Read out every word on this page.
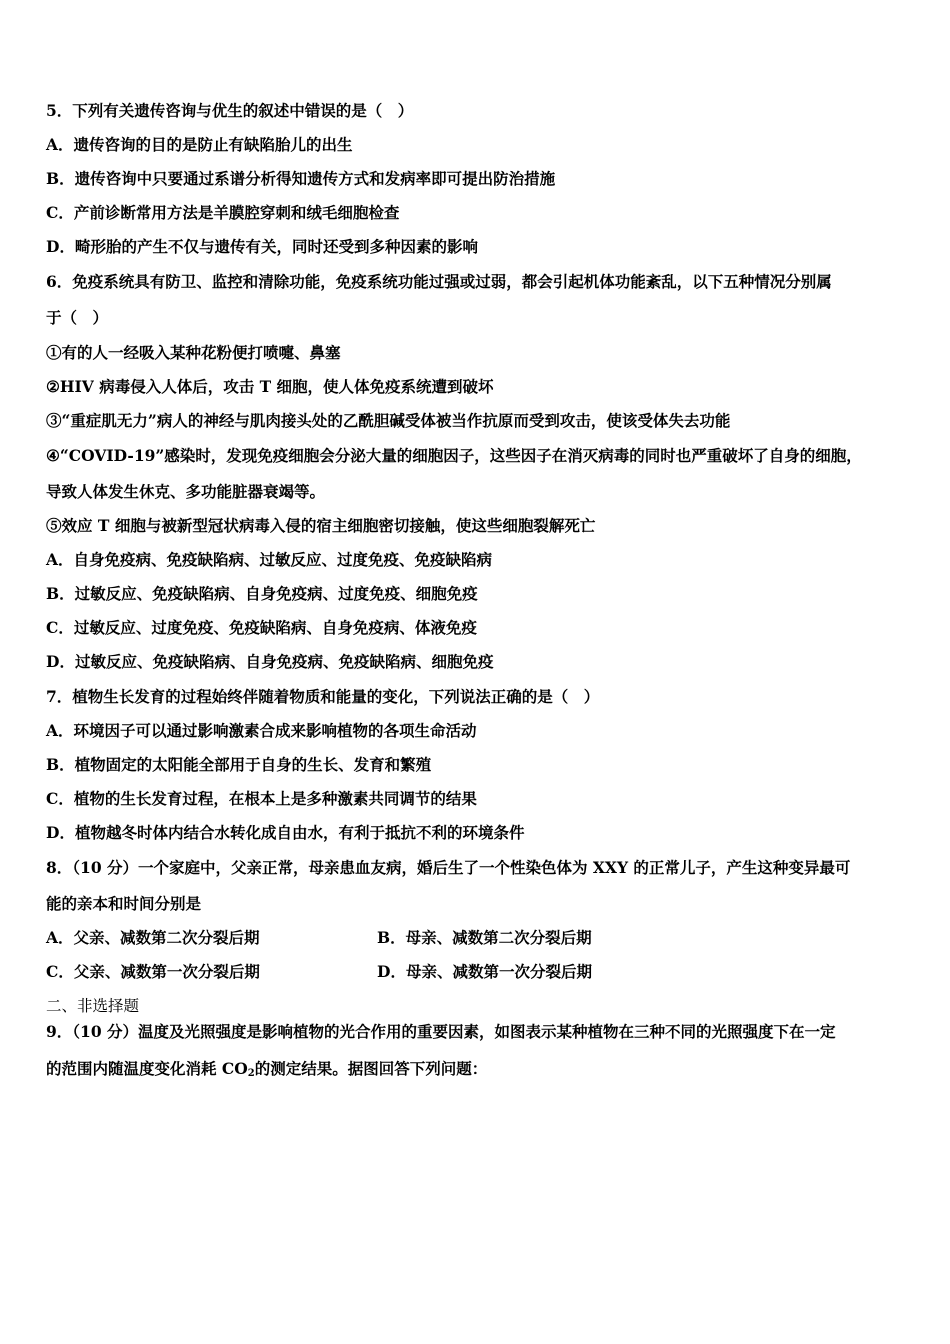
5．下列有关遗传咨询与优生的叙述中错误的是（　）
A．遗传咨询的目的是防止有缺陷胎儿的出生
B．遗传咨询中只要通过系谱分析得知遗传方式和发病率即可提出防治措施
C．产前诊断常用方法是羊膜腔穿刺和绒毛细胞检查
D．畸形胎的产生不仅与遗传有关，同时还受到多种因素的影响
6．免疫系统具有防卫、监控和清除功能，免疫系统功能过强或过弱，都会引起机体功能紊乱，以下五种情况分别属
于（　）
①有的人一经吸入某种花粉便打喷嚏、鼻塞
②HIV 病毒侵入人体后，攻击 T 细胞，使人体免疫系统遭到破坏
③“重症肌无力”病人的神经与肌肉接头处的乙酰胆碱受体被当作抗原而受到攻击，使该受体失去功能
④“COVID-19”感染时，发现免疫细胞会分泌大量的细胞因子，这些因子在消灭病毒的同时也严重破坏了自身的细胞，
导致人体发生休克、多功能脏器衰竭等。
⑤效应 T 细胞与被新型冠状病毒入侵的宿主细胞密切接触，使这些细胞裂解死亡
A．自身免疫病、免疫缺陷病、过敏反应、过度免疫、免疫缺陷病
B．过敏反应、免疫缺陷病、自身免疫病、过度免疫、细胞免疫
C．过敏反应、过度免疫、免疫缺陷病、自身免疫病、体液免疫
D．过敏反应、免疫缺陷病、自身免疫病、免疫缺陷病、细胞免疫
7．植物生长发育的过程始终伴随着物质和能量的变化，下列说法正确的是（　）
A．环境因子可以通过影响激素合成来影响植物的各项生命活动
B．植物固定的太阳能全部用于自身的生长、发育和繁殖
C．植物的生长发育过程，在根本上是多种激素共同调节的结果
D．植物越冬时体内结合水转化成自由水，有利于抵抗不利的环境条件
8．（10 分）一个家庭中，父亲正常，母亲患血友病，婚后生了一个性染色体为 XXY 的正常儿子，产生这种变异最可
能的亲本和时间分别是
A．父亲、减数第二次分裂后期	B．母亲、减数第二次分裂后期
C．父亲、减数第一次分裂后期	D．母亲、减数第一次分裂后期
二、非选择题
9．（10 分）温度及光照强度是影响植物的光合作用的重要因素，如图表示某种植物在三种不同的光照强度下在一定
的范围内随温度变化消耗 $CO_2$的测定结果。据图回答下列问题：
